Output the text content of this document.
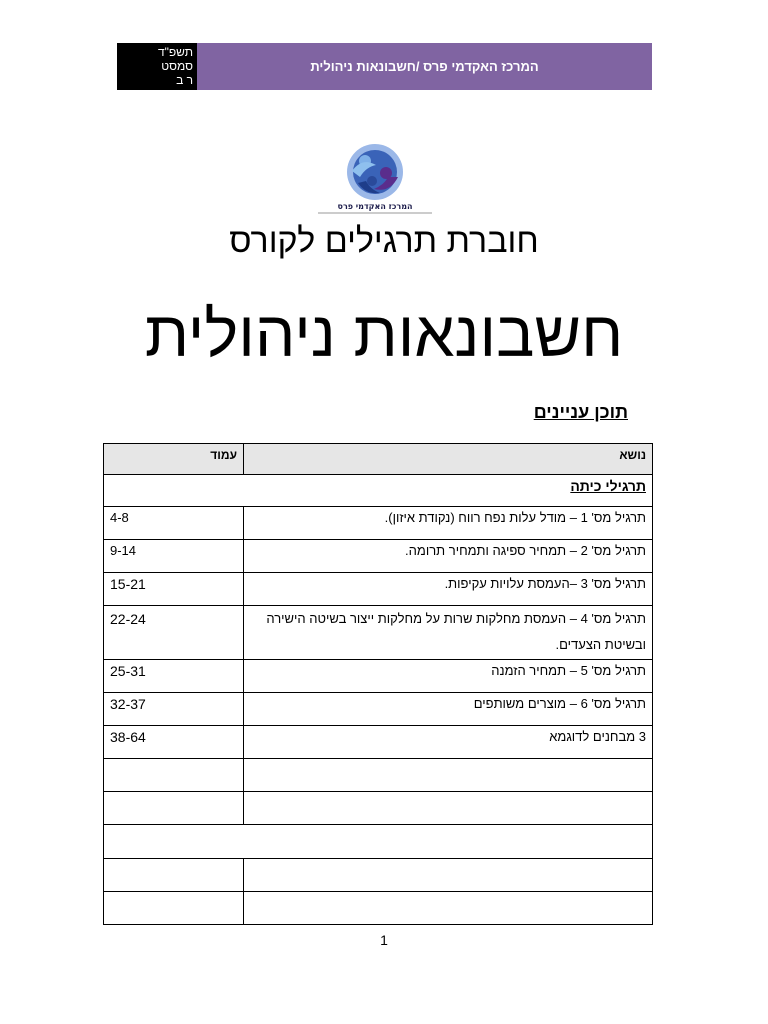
תשפ"ד
סמסט
ר ב
המרכז האקדמי פרס /חשבונאות ניהולית
המרכז האקדמי פרס
חוברת תרגילים לקורס
חשבונאות ניהולית
תוכן עניינים
נושא	עמוד
תרגילי כיתה	
תרגיל מס' 1 – מודל עלות נפח רווח (נקודת איזון).	4-8
תרגיל מס' 2 – תמחיר ספיגה ותמחיר תרומה.	9-14
תרגיל מס' 3 –העמסת עלויות עקיפות.	15-21
תרגיל מס' 4 – העמסת מחלקות שרות על מחלקות ייצור בשיטה הישירה ובשיטת הצעדים.	22-24
תרגיל מס' 5 – תמחיר הזמנה	25-31
תרגיל מס' 6 – מוצרים משותפים	32-37
3 מבחנים לדוגמא	38-64

1
